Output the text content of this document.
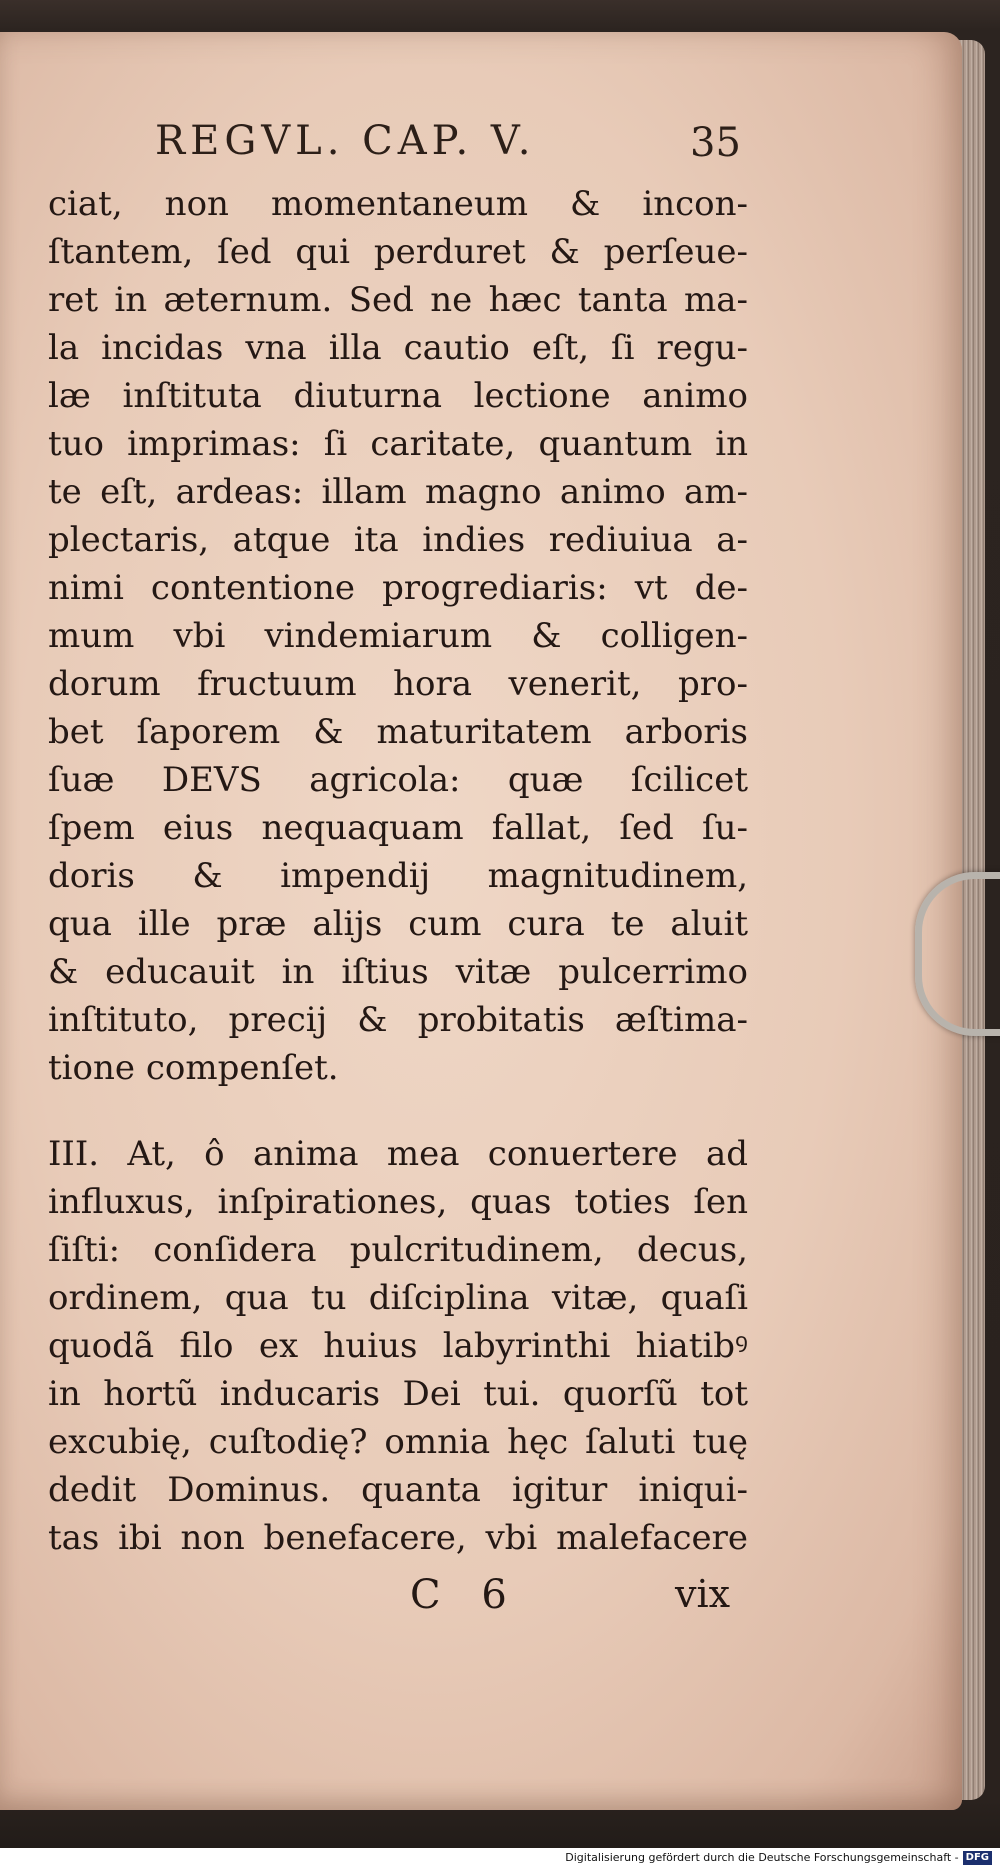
REGVL. CAP. V.	35
ciat, non momentaneum & incon-
ſtantem, ſed qui perduret & perſeue-
ret in æternum. Sed ne hæc tanta ma-
la incidas vna illa cautio eſt, ſi regu-
læ inſtituta diuturna lectione animo
tuo imprimas: ſi caritate, quantum in
te eſt, ardeas: illam magno animo am-
plectaris, atque ita indies rediuiua a-
nimi contentione progrediaris: vt de-
mum vbi vindemiarum & colligen-
dorum fructuum hora venerit, pro-
bet ſaporem & maturitatem arboris
ſuæ DEVS agricola: quæ ſcilicet
ſpem eius nequaquam fallat, ſed ſu-
doris & impendij magnitudinem,
qua ille præ alijs cum cura te aluit
& educauit in iſtius vitæ pulcerrimo
inſtituto, precij & probitatis æſtima-
tione compenſet.
III. At, ô anima mea conuertere ad
influxus, inſpirationes, quas toties ſen
ſiſti: conſidera pulcritudinem, decus,
ordinem, qua tu diſciplina vitæ, quaſi
quodã filo ex huius labyrinthi hiatibꝰ
in hortũ inducaris Dei tui. quorſũ tot
excubię, cuſtodię? omnia hęc ſaluti tuę
dedit Dominus. quanta igitur iniqui-
tas ibi non benefacere, vbi malefacere
C 6	vix
Digitalisierung gefördert durch die Deutsche Forschungsgemeinschaft - DFG
